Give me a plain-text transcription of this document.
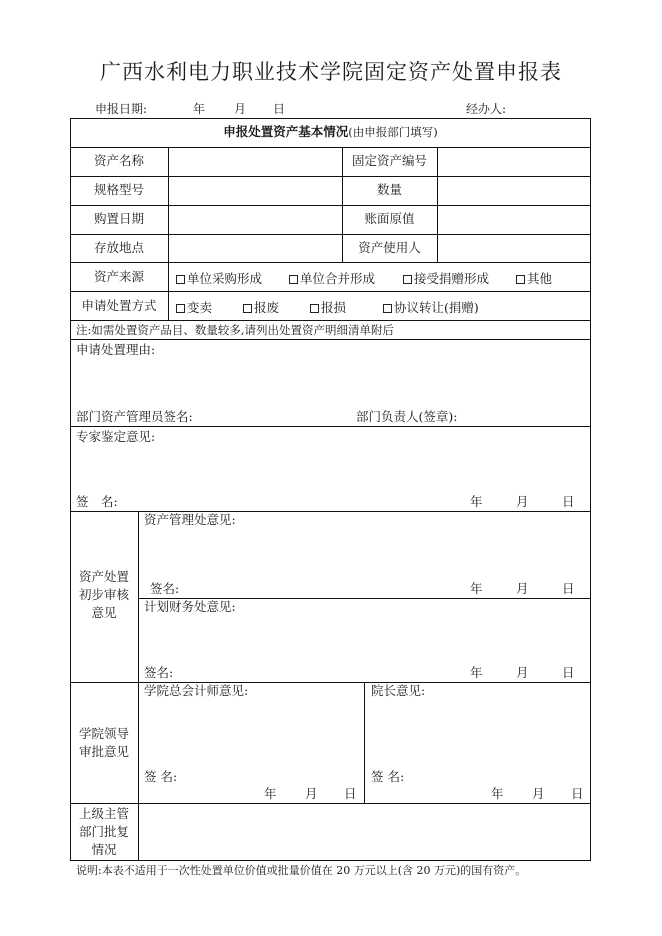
广西水利电力职业技术学院固定资产处置申报表
申报日期:	年 月 日	经办人:
申报处置资产基本情况(由申报部门填写)
资产名称	固定资产编号
规格型号	数量
购置日期	账面原值
存放地点	资产使用人
资产来源	单位采购形成	单位合并形成	接受捐赠形成	其他
申请处置方式	变卖	报废	报损	协议转让(捐赠)
注:如需处置资产品目、数量较多,请列出处置资产明细清单附后
申请处置理由:
部门资产管理员签名:	部门负责人(签章):
专家鉴定意见:
签　名:	年	月	日
资产处置
初步审核
意见
资产管理处意见:
签名:	年	月	日
计划财务处意见:
签名:	年	月	日
学院领导
审批意见
学院总会计师意见:
签 名:
年 月 日
院长意见:
签 名:
年 月 日
上级主管
部门批复
情况
说明:本表不适用于一次性处置单位价值或批量价值在 20 万元以上(含 20 万元)的国有资产。
